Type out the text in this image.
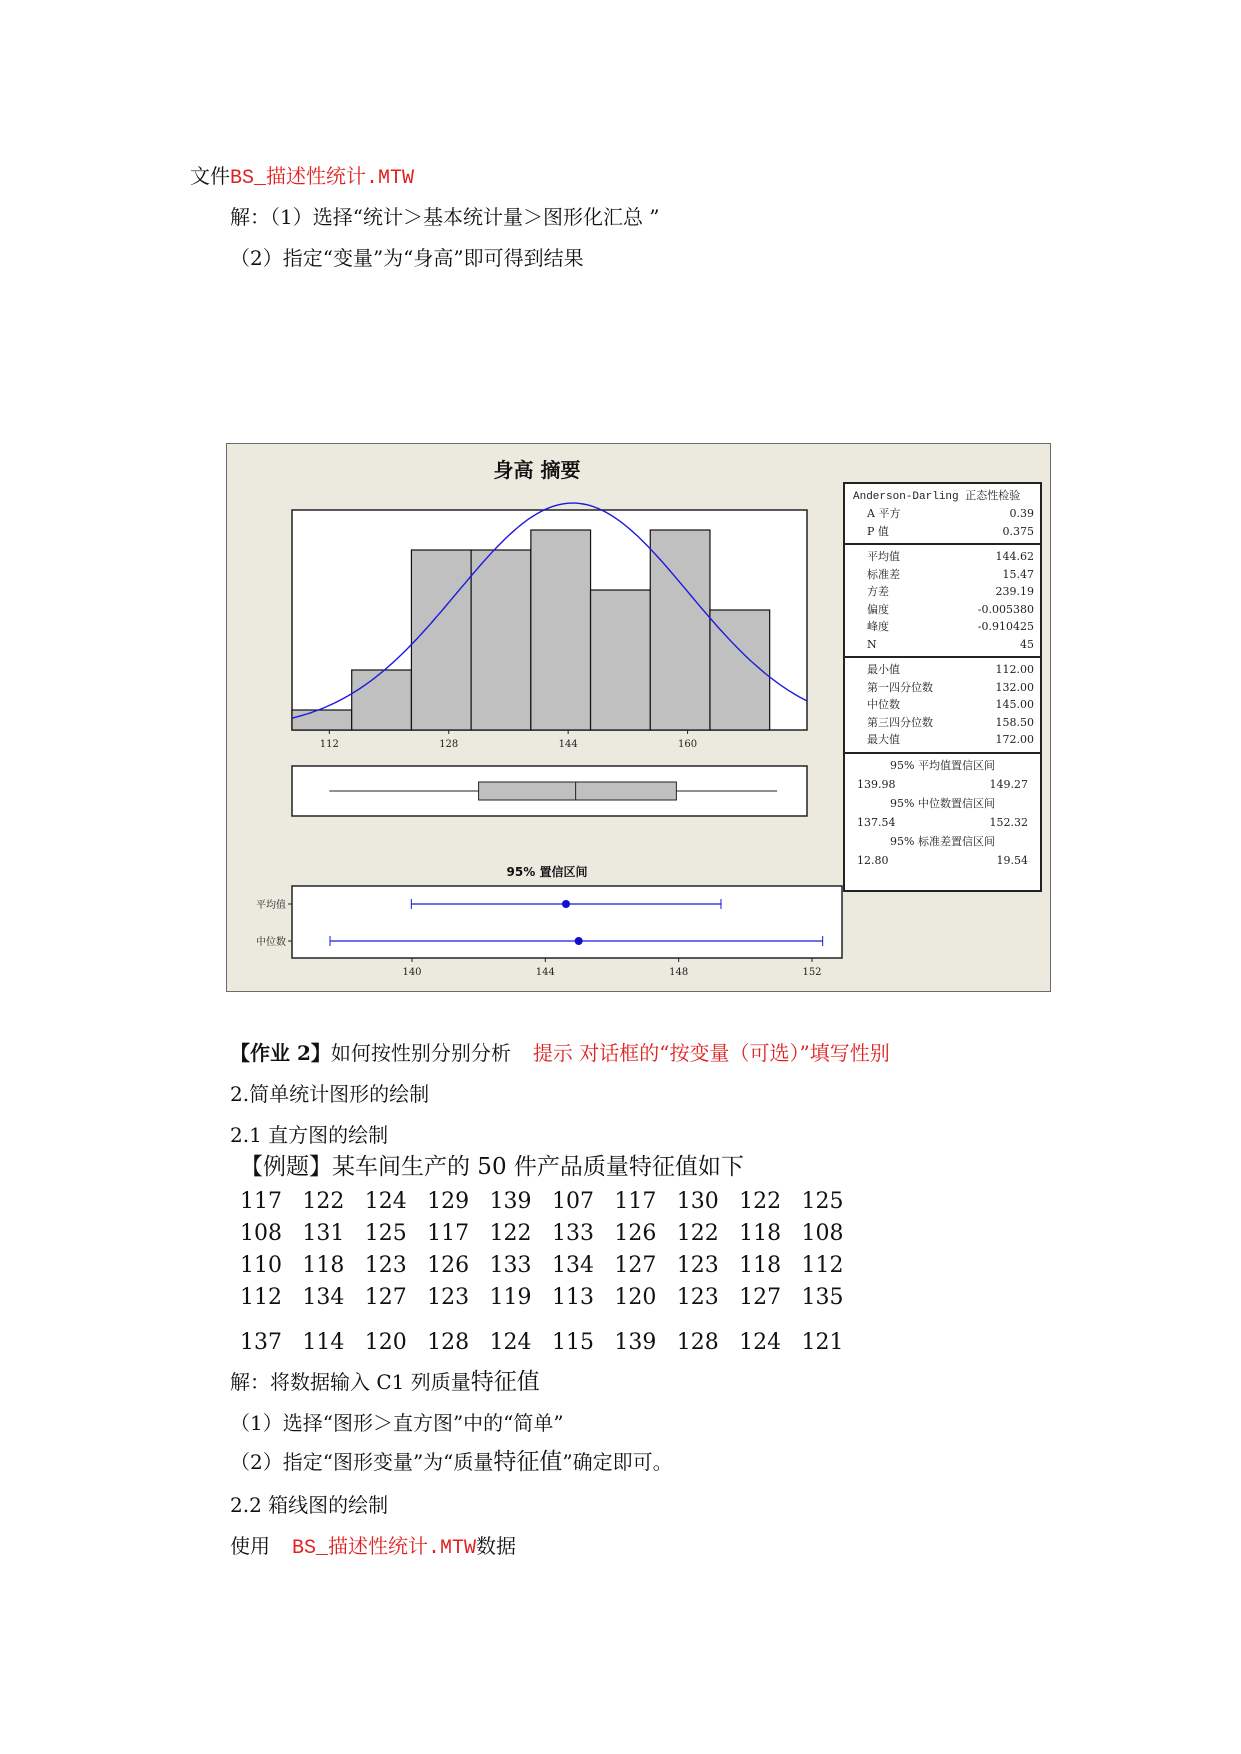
文件BS_描述性统计.MTW
解：（1）选择“统计＞基本统计量＞图形化汇总 ”
（2）指定“变量”为“身高”即可得到结果
身高 摘要
112	128	144	160
95% 置信区间
平均值
中位数
140	144	148	152
Anderson-Darling 正态性检验
A 平方	0.39
P 值	0.375
平均值	144.62
标准差	15.47
方差	239.19
偏度	-0.005380
峰度	-0.910425
N	45
最小值	112.00
第一四分位数	132.00
中位数	145.00
第三四分位数	158.50
最大值	172.00
95% 平均值置信区间
139.98	149.27
95% 中位数置信区间
137.54	152.32
95% 标准差置信区间
12.80	19.54
【作业 2】如何按性别分别分析 提示 对话框的“按变量（可选）”填写性别
2.简单统计图形的绘制
2.1 直方图的绘制
【例题】某车间生产的 50 件产品质量特征值如下
117	122	124	129	139	107	117	130	122	125
108	131	125	117	122	133	126	122	118	108
110	118	123	126	133	134	127	123	118	112
112	134	127	123	119	113	120	123	127	135
137	114	120	128	124	115	139	128	124	121
解：将数据输入 C1 列质量特征值
（1）选择“图形＞直方图”中的“简单”
（2）指定“图形变量”为“质量特征值”确定即可。
2.2 箱线图的绘制
使用 BS_描述性统计.MTW数据
